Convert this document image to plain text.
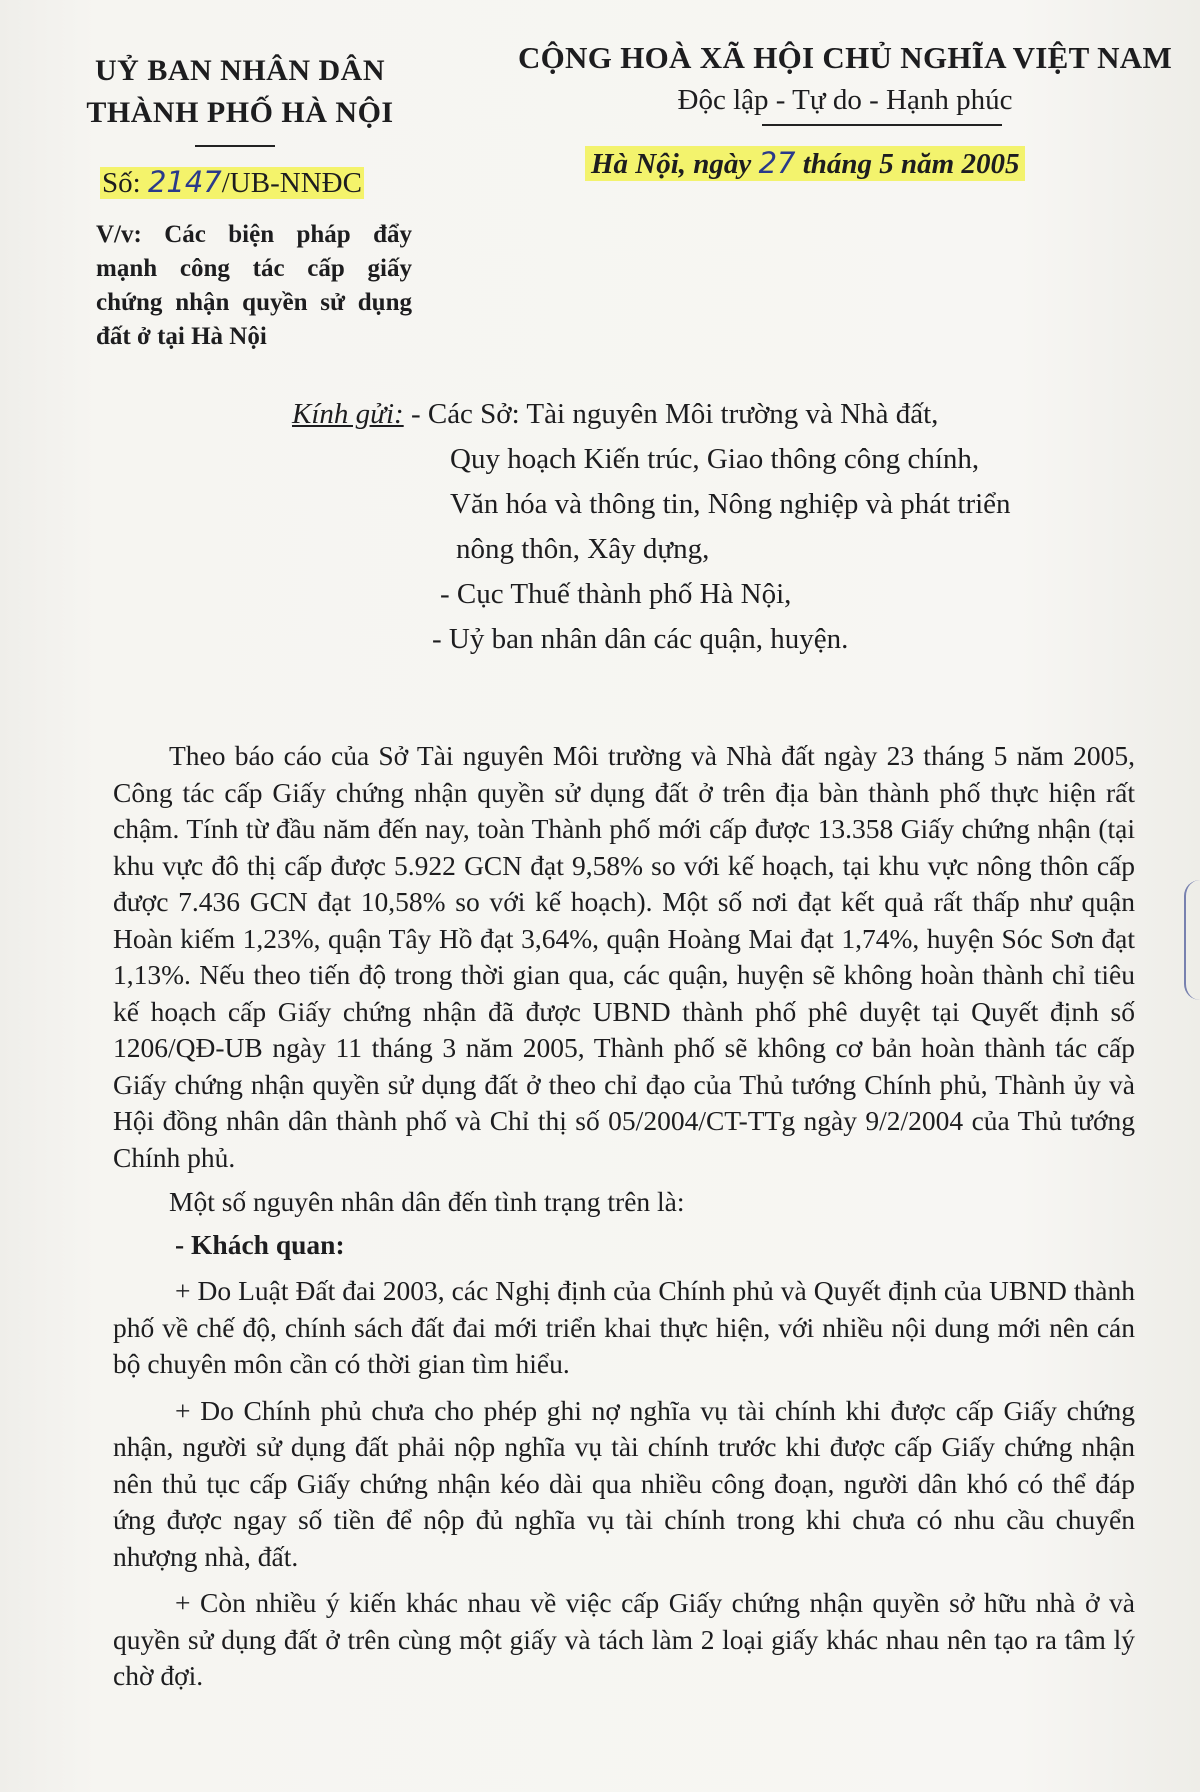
UỶ BAN NHÂN DÂN
THÀNH PHỐ HÀ NỘI
Số: 2147/UB-NNĐC
V/v: Các biện pháp đẩy mạnh công tác cấp giấy chứng nhận quyền sử dụng đất ở tại Hà Nội
CỘNG HOÀ XÃ HỘI CHỦ NGHĨA VIỆT NAM
Độc lập - Tự do - Hạnh phúc
Hà Nội, ngày 27 tháng 5 năm 2005
Kính gửi: - Các Sở: Tài nguyên Môi trường và Nhà đất,
Quy hoạch Kiến trúc, Giao thông công chính,
Văn hóa và thông tin, Nông nghiệp và phát triển
nông thôn, Xây dựng,
- Cục Thuế thành phố Hà Nội,
- Uỷ ban nhân dân các quận, huyện.

Theo báo cáo của Sở Tài nguyên Môi trường và Nhà đất ngày 23 tháng 5 năm 2005, Công tác cấp Giấy chứng nhận quyền sử dụng đất ở trên địa bàn thành phố thực hiện rất chậm. Tính từ đầu năm đến nay, toàn Thành phố mới cấp được 13.358 Giấy chứng nhận (tại khu vực đô thị cấp được 5.922 GCN đạt 9,58% so với kế hoạch, tại khu vực nông thôn cấp được 7.436 GCN đạt 10,58% so với kế hoạch). Một số nơi đạt kết quả rất thấp như quận Hoàn kiếm 1,23%, quận Tây Hồ đạt 3,64%, quận Hoàng Mai đạt 1,74%, huyện Sóc Sơn đạt 1,13%. Nếu theo tiến độ trong thời gian qua, các quận, huyện sẽ không hoàn thành chỉ tiêu kế hoạch cấp Giấy chứng nhận đã được UBND thành phố phê duyệt tại Quyết định số 1206/QĐ-UB ngày 11 tháng 3 năm 2005, Thành phố sẽ không cơ bản hoàn thành tác cấp Giấy chứng nhận quyền sử dụng đất ở theo chỉ đạo của Thủ tướng Chính phủ, Thành ủy và Hội đồng nhân dân thành phố và Chỉ thị số 05/2004/CT-TTg ngày 9/2/2004 của Thủ tướng Chính phủ.

Một số nguyên nhân dân đến tình trạng trên là:

- Khách quan:

+ Do Luật Đất đai 2003, các Nghị định của Chính phủ và Quyết định của UBND thành phố về chế độ, chính sách đất đai mới triển khai thực hiện, với nhiều nội dung mới nên cán bộ chuyên môn cần có thời gian tìm hiểu.

+ Do Chính phủ chưa cho phép ghi nợ nghĩa vụ tài chính khi được cấp Giấy chứng nhận, người sử dụng đất phải nộp nghĩa vụ tài chính trước khi được cấp Giấy chứng nhận nên thủ tục cấp Giấy chứng nhận kéo dài qua nhiều công đoạn, người dân khó có thể đáp ứng được ngay số tiền để nộp đủ nghĩa vụ tài chính trong khi chưa có nhu cầu chuyển nhượng nhà, đất.

+ Còn nhiều ý kiến khác nhau về việc cấp Giấy chứng nhận quyền sở hữu nhà ở và quyền sử dụng đất ở trên cùng một giấy và tách làm 2 loại giấy khác nhau nên tạo ra tâm lý chờ đợi.
